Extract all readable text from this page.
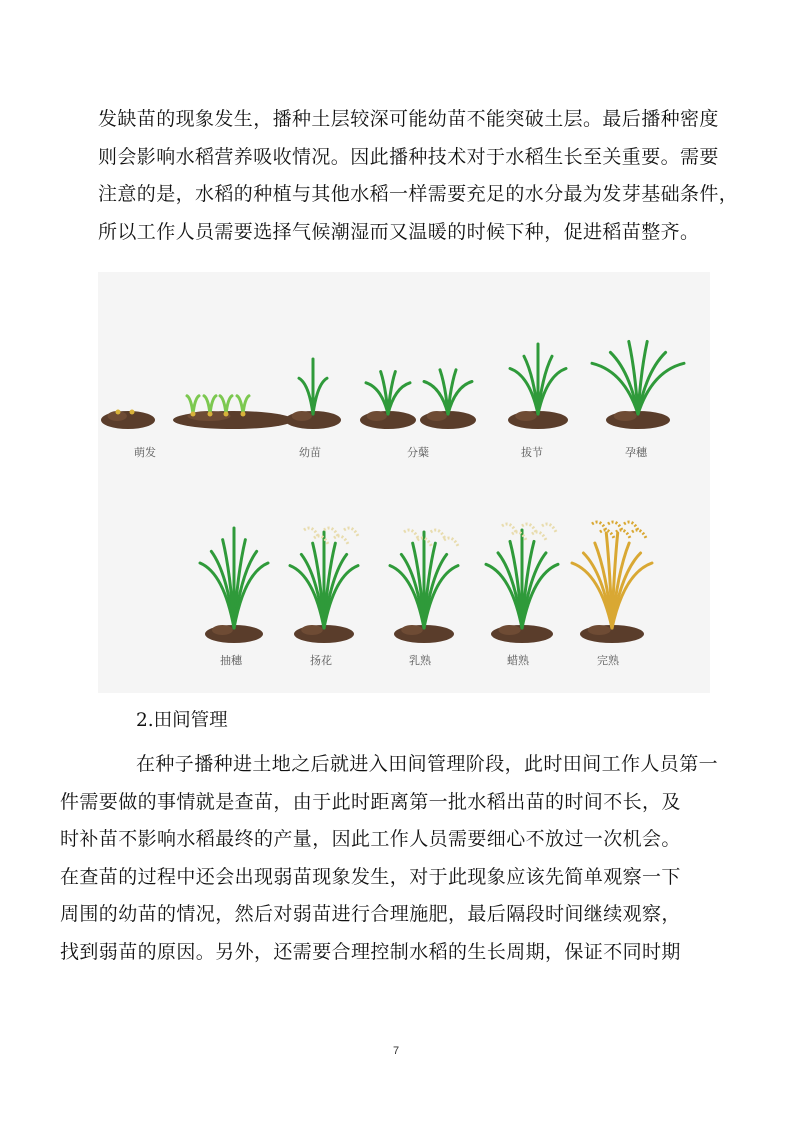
发缺苗的现象发生，播种土层较深可能幼苗不能突破土层。最后播种密度
则会影响水稻营养吸收情况。因此播种技术对于水稻生长至关重要。需要
注意的是，水稻的种植与其他水稻一样需要充足的水分最为发芽基础条件，
所以工作人员需要选择气候潮湿而又温暖的时候下种，促进稻苗整齐。
萌发	幼苗	分蘖	拔节	孕穗
抽穗	扬花	乳熟	蜡熟	完熟

2.田间管理

在种子播种进土地之后就进入田间管理阶段，此时田间工作人员第一
件需要做的事情就是查苗，由于此时距离第一批水稻出苗的时间不长，及
时补苗不影响水稻最终的产量，因此工作人员需要细心不放过一次机会。
在查苗的过程中还会出现弱苗现象发生，对于此现象应该先简单观察一下
周围的幼苗的情况，然后对弱苗进行合理施肥，最后隔段时间继续观察，
找到弱苗的原因。另外，还需要合理控制水稻的生长周期，保证不同时期
7
